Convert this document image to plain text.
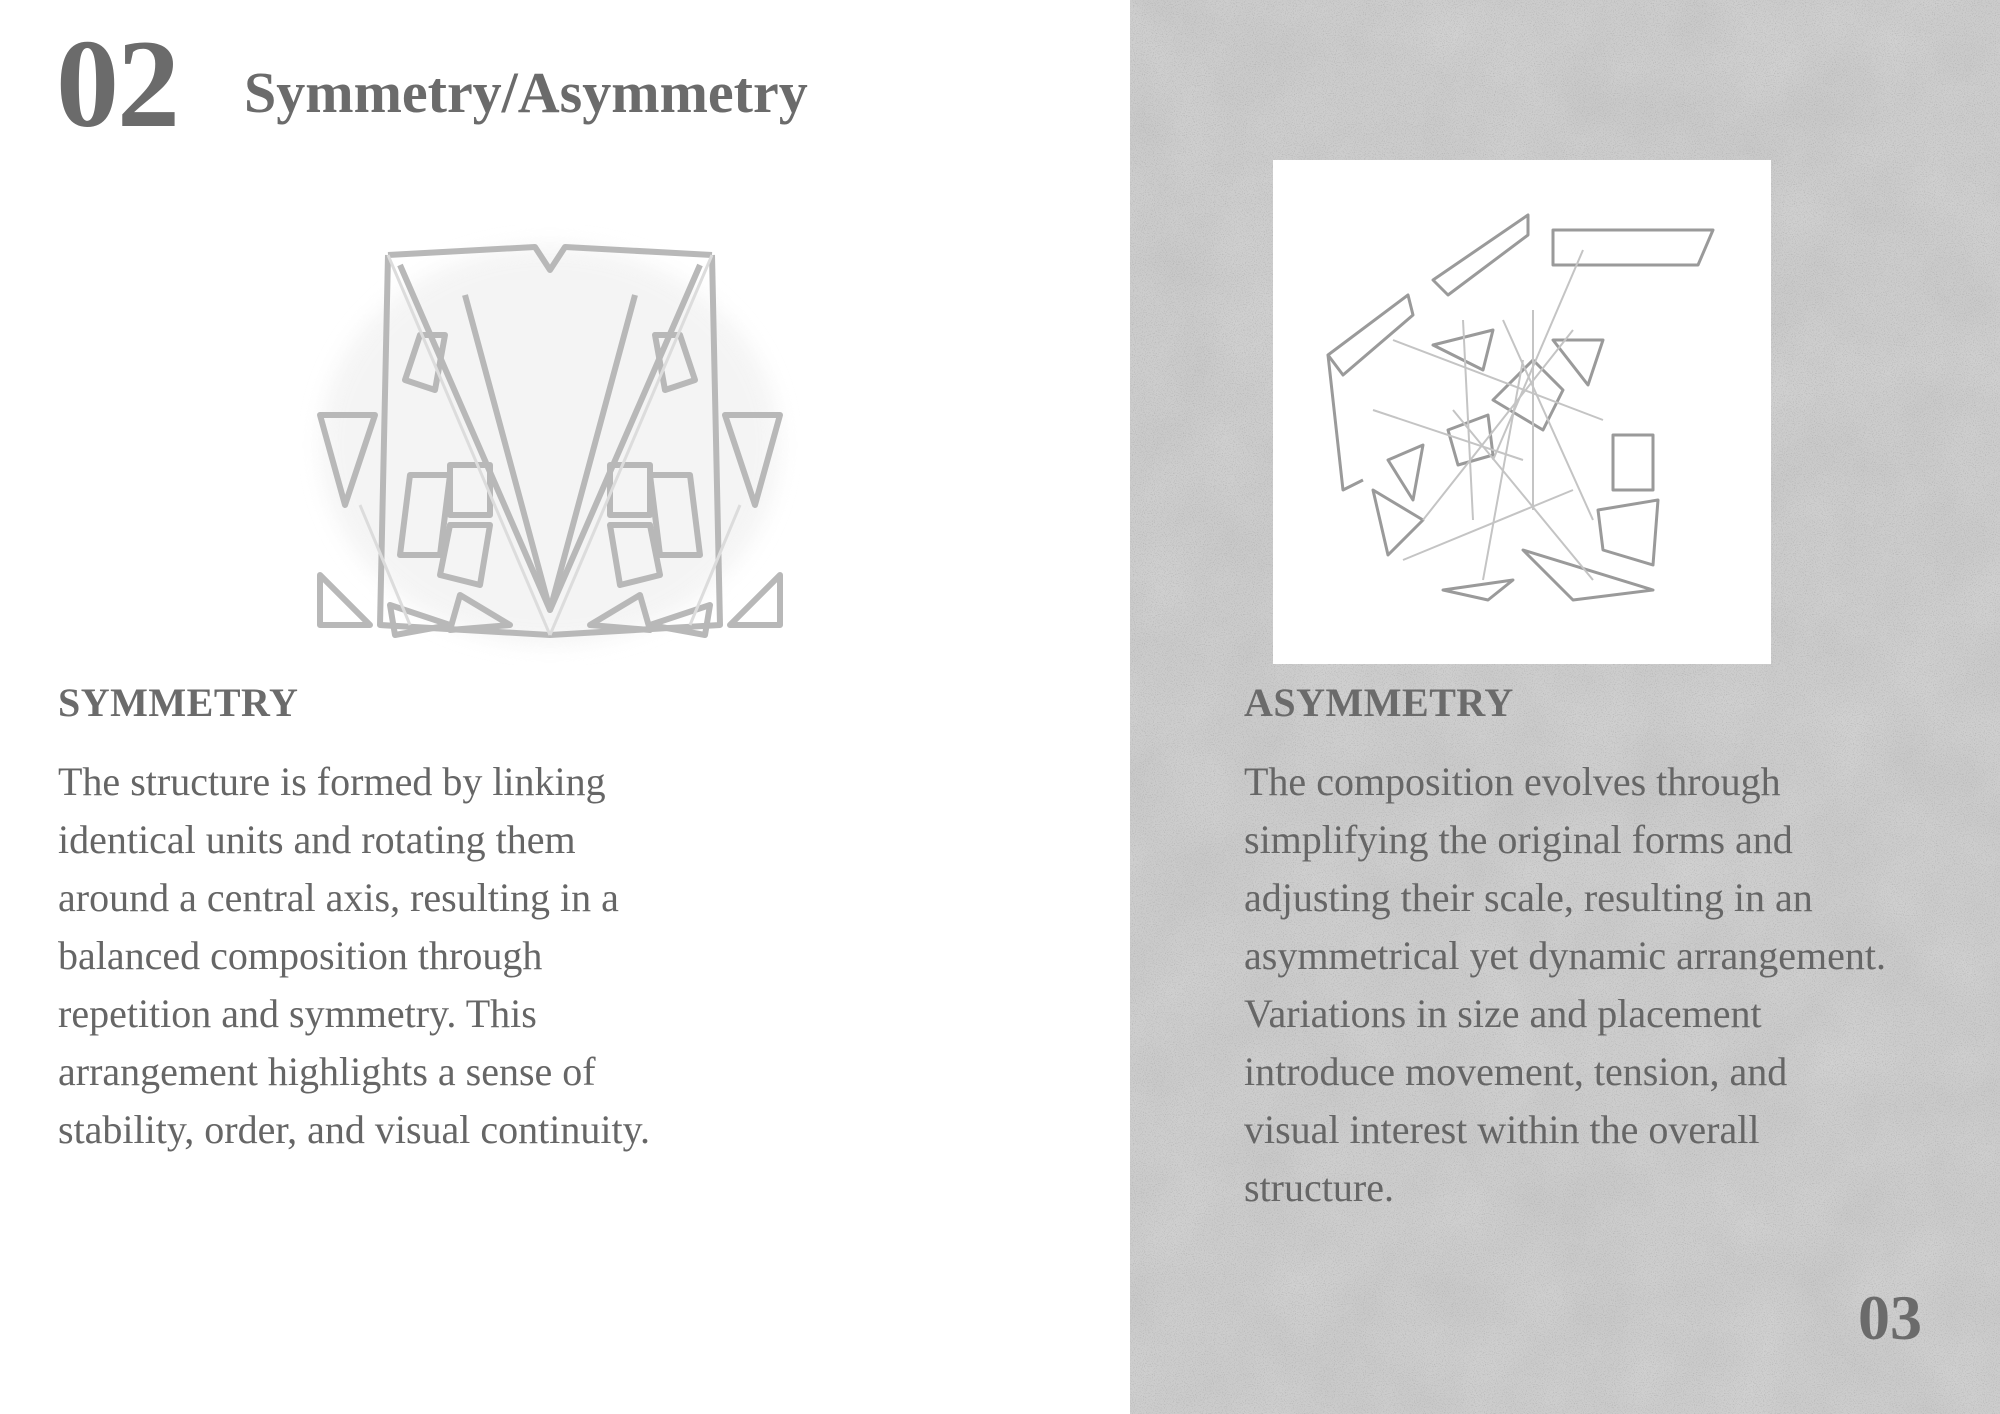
02 Symmetry/Asymmetry
SYMMETRY
The structure is formed by linking
identical units and rotating them
around a central axis, resulting in a
balanced composition through
repetition and symmetry. This
arrangement highlights a sense of
stability, order, and visual continuity.
ASYMMETRY
The composition evolves through
simplifying the original forms and
adjusting their scale, resulting in an
asymmetrical yet dynamic arrangement.
Variations in size and placement
introduce movement, tension, and
visual interest within the overall
structure.
03
